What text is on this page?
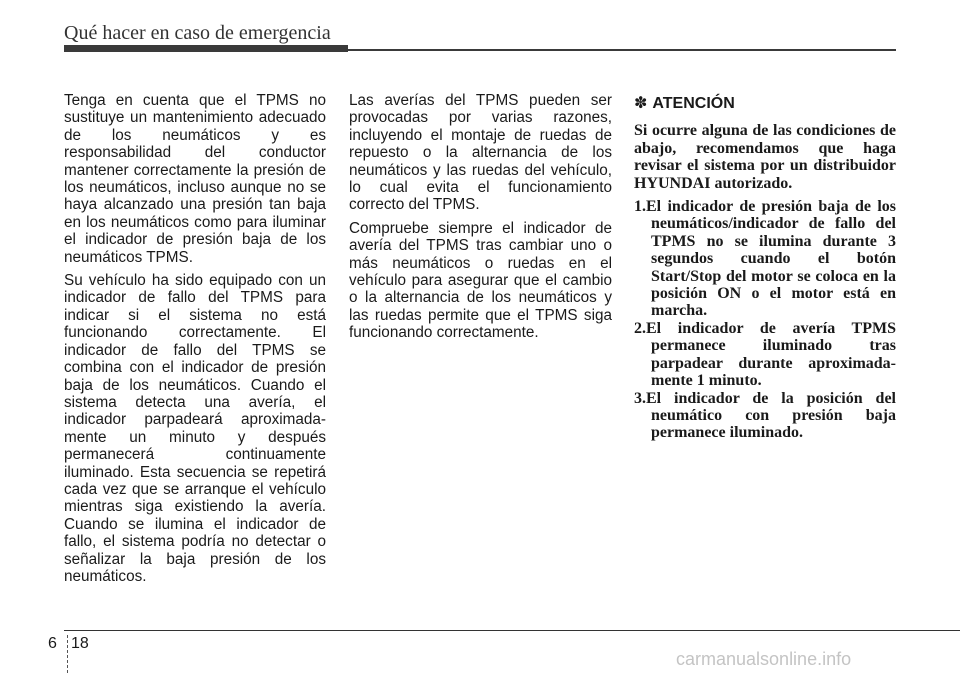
Qué hacer en caso de emergencia

Tenga en cuenta que el TPMS no sustituye un mantenimiento adecuado de los neumáticos y es responsabilidad del conductor mantener correctamente la presión de los neumáticos, incluso aunque no se haya alcanzado una presión tan baja en los neumáticos como para iluminar el indicador de presión baja de los neumáticos TPMS.

Su vehículo ha sido equipado con un indicador de fallo del TPMS para indicar si el sistema no está funcionando correctamente. El indicador de fallo del TPMS se combina con el indicador de presión baja de los neumáticos. Cuando el sistema detecta una avería, el indicador parpadeará aproximada-mente un minuto y después permanecerá continuamente iluminado. Esta secuencia se repetirá cada vez que se arranque el vehículo mientras siga existiendo la avería. Cuando se ilumina el indicador de fallo, el sistema podría no detectar o señalizar la baja presión de los neumáticos.

Las averías del TPMS pueden ser provocadas por varias razones, incluyendo el montaje de ruedas de repuesto o la alternancia de los neumáticos y las ruedas del vehículo, lo cual evita el funcionamiento correcto del TPMS.

Compruebe siempre el indicador de avería del TPMS tras cambiar uno o más neumáticos o ruedas en el vehículo para asegurar que el cambio o la alternancia de los neumáticos y las ruedas permite que el TPMS siga funcionando correctamente.

✽ ATENCIÓN

Si ocurre alguna de las condiciones de abajo, recomendamos que haga revisar el sistema por un distribuidor HYUNDAI autorizado.

1.El indicador de presión baja de los neumáticos/indicador de fallo del TPMS no se ilumina durante 3 segundos cuando el botón Start/Stop del motor se coloca en la posición ON o el motor está en marcha.
2.El indicador de avería TPMS permanece iluminado tras parpadear durante aproximada-mente 1 minuto.
3.El indicador de la posición del neumático con presión baja permanece iluminado.
6 18
carmanualsonline.info
